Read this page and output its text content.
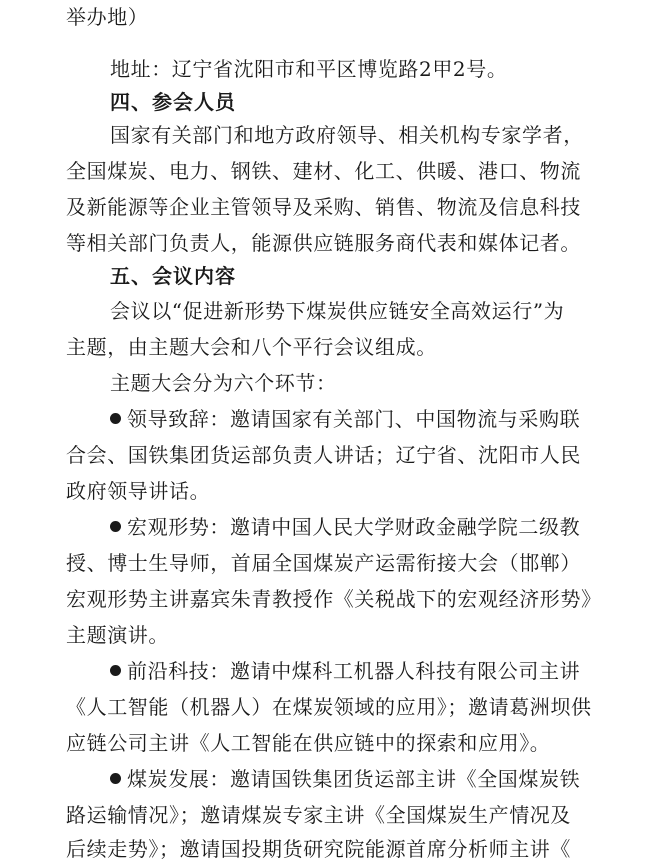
举办地）
地址：辽宁省沈阳市和平区博览路2甲2号。
四、参会人员
国家有关部门和地方政府领导、相关机构专家学者，
全国煤炭、电力、钢铁、建材、化工、供暖、港口、物流
及新能源等企业主管领导及采购、销售、物流及信息科技
等相关部门负责人，能源供应链服务商代表和媒体记者。
五、会议内容
会议以“促进新形势下煤炭供应链安全高效运行”为
主题，由主题大会和八个平行会议组成。
主题大会分为六个环节：
领导致辞：邀请国家有关部门、中国物流与采购联
合会、国铁集团货运部负责人讲话；辽宁省、沈阳市人民
政府领导讲话。
宏观形势：邀请中国人民大学财政金融学院二级教
授、博士生导师，首届全国煤炭产运需衔接大会（邯郸）
宏观形势主讲嘉宾朱青教授作《关税战下的宏观经济形势》
主题演讲。
前沿科技：邀请中煤科工机器人科技有限公司主讲
《人工智能（机器人）在煤炭领域的应用》；邀请葛洲坝供
应链公司主讲《人工智能在供应链中的探索和应用》。
煤炭发展：邀请国铁集团货运部主讲《全国煤炭铁
路运输情况》；邀请煤炭专家主讲《全国煤炭生产情况及
后续走势》；邀请国投期货研究院能源首席分析师主讲《
